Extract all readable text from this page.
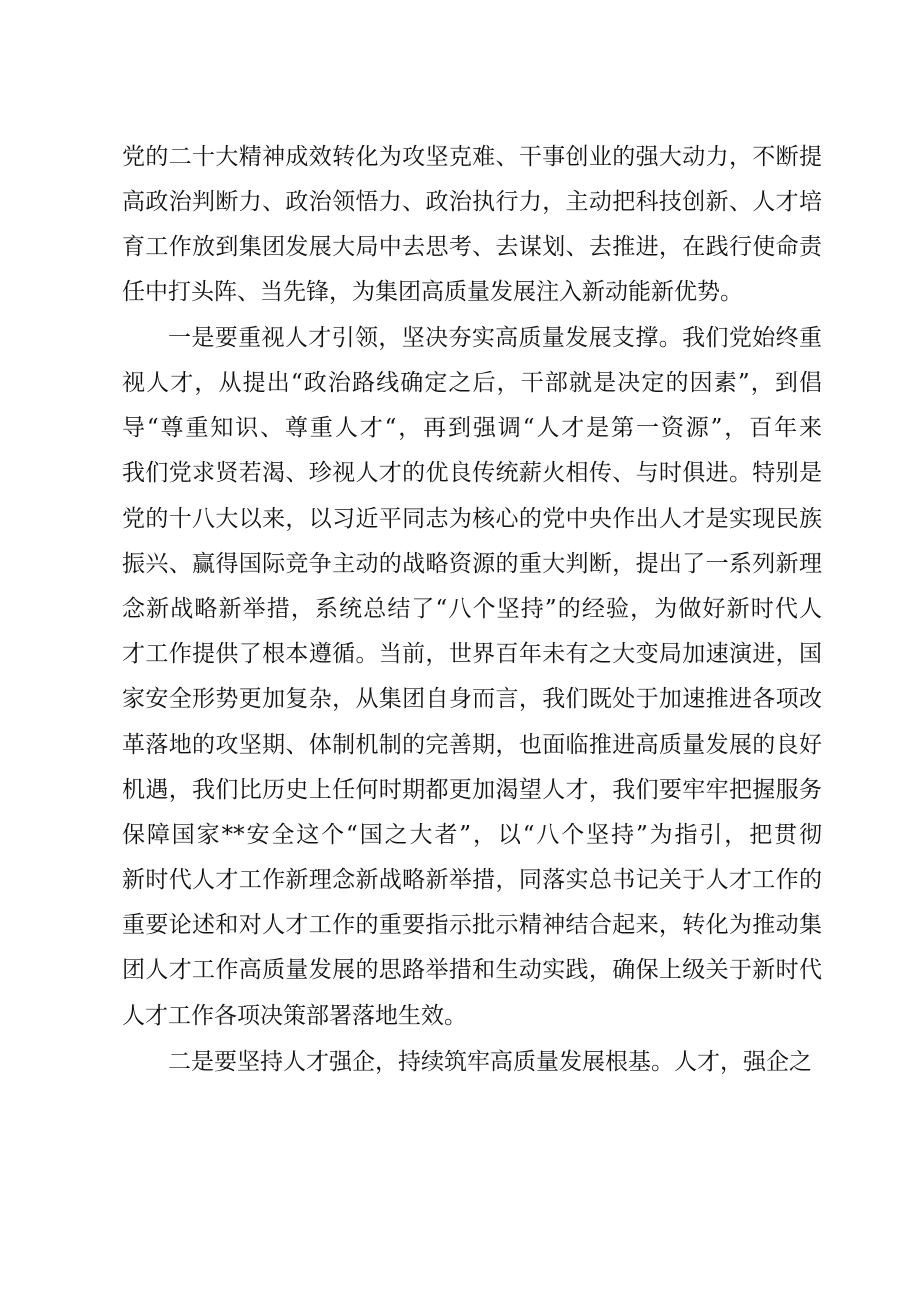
党的二十大精神成效转化为攻坚克难、干事创业的强大动力，不断提
高政治判断力、政治领悟力、政治执行力，主动把科技创新、人才培
育工作放到集团发展大局中去思考、去谋划、去推进，在践行使命责
任中打头阵、当先锋，为集团高质量发展注入新动能新优势。
一是要重视人才引领，坚决夯实高质量发展支撑。我们党始终重
视人才，从提出“政治路线确定之后，干部就是决定的因素”，到倡
导“尊重知识、尊重人才“，再到强调“人才是第一资源”，百年来
我们党求贤若渴、珍视人才的优良传统薪火相传、与时俱进。特别是
党的十八大以来，以习近平同志为核心的党中央作出人才是实现民族
振兴、赢得国际竞争主动的战略资源的重大判断，提出了一系列新理
念新战略新举措，系统总结了“八个坚持”的经验，为做好新时代人
才工作提供了根本遵循。当前，世界百年未有之大变局加速演进，国
家安全形势更加复杂，从集团自身而言，我们既处于加速推进各项改
革落地的攻坚期、体制机制的完善期，也面临推进高质量发展的良好
机遇，我们比历史上任何时期都更加渴望人才，我们要牢牢把握服务
保障国家**安全这个“国之大者”，以“八个坚持”为指引，把贯彻
新时代人才工作新理念新战略新举措，同落实总书记关于人才工作的
重要论述和对人才工作的重要指示批示精神结合起来，转化为推动集
团人才工作高质量发展的思路举措和生动实践，确保上级关于新时代
人才工作各项决策部署落地生效。
二是要坚持人才强企，持续筑牢高质量发展根基。人才，强企之
